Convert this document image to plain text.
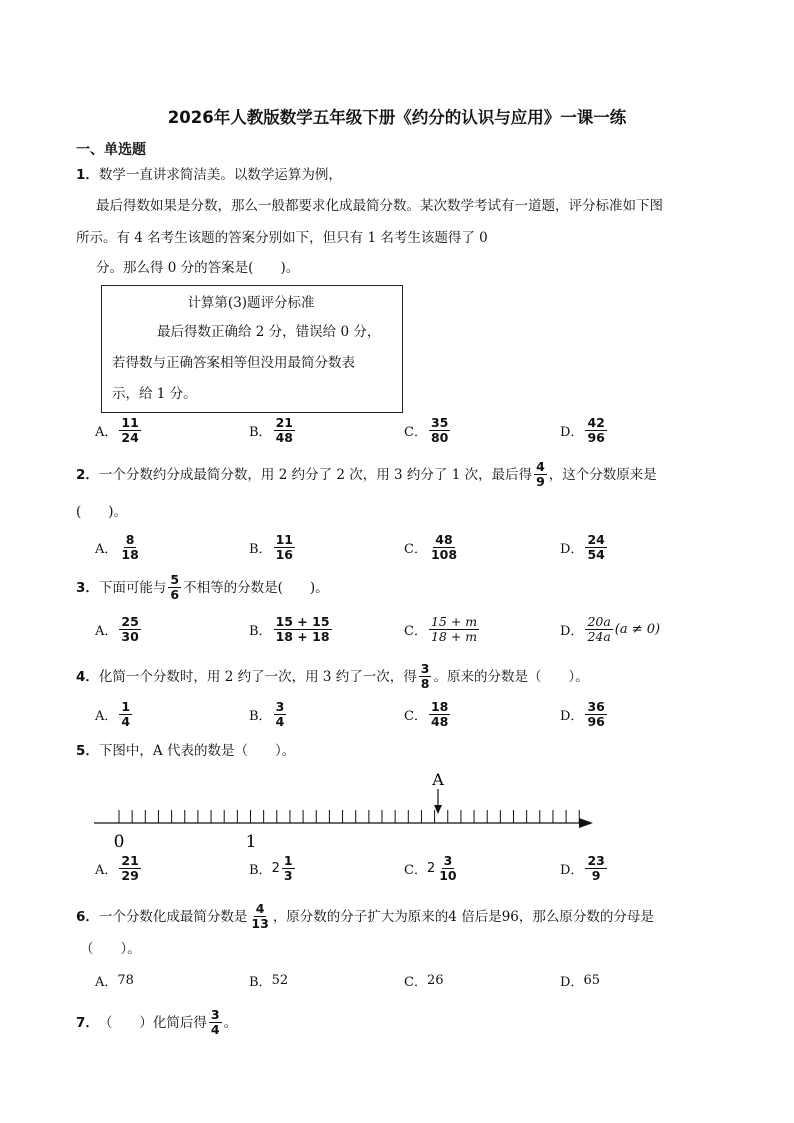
2026年人教版数学五年级下册《约分的认识与应用》一课一练
一、单选题
1．数学一直讲求简洁美。以数学运算为例，
最后得数如果是分数，那么一般都要求化成最简分数。某次数学考试有一道题，评分标准如下图
所示。有 4 名考生该题的答案分别如下，但只有 1 名考生该题得了 0
分。那么得 0 分的答案是(　　)。
计算第(3)题评分标准
最后得数正确给 2 分，错误给 0 分，
若得数与正确答案相等但没用最简分数表
示，给 1 分。
A． $\frac{11}{24}$	B． $\frac{21}{48}$	C． $\frac{35}{80}$	D． $\frac{42}{96}$
2． 一个分数约分成最简分数，用 2 约分了 2 次，用 3 约分了 1 次，最后得 $\frac{4}{9}$ ，这个分数原来是
(　　)。
A． $\frac{8}{18}$	B． $\frac{11}{16}$	C． $\frac{48}{108}$	D． $\frac{24}{54}$
3． 下面可能与 $\frac{5}{6}$ 不相等的分数是(　　)。
A． $\frac{25}{30}$	B． $\frac{15 + 15}{18 + 18}$	C． $\frac{15 + m}{18 + m}$	D． $\frac{20a}{24a} (a \ne 0)$
4． 化简一个分数时，用 2 约了一次，用 3 约了一次，得 $\frac{3}{8}$ 。原来的分数是（　　）。
A． $\frac{1}{4}$	B． $\frac{3}{4}$	C． $\frac{18}{48}$	D． $\frac{36}{96}$
5．下图中，A 代表的数是（　　）。
0	1
A
A． $\frac{21}{29}$	B． $2 \frac{1}{3}$	C． $2 \frac{3}{10}$	D． $\frac{23}{9}$
6． 一个分数化成最简分数是 $\frac{4}{13}$ ，原分数的分子扩大为原来的4 倍后是96，那么原分数的分母是
（　　）。
A． 78	B． 52	C． 26	D． 65
7． （　　）化简后得 $\frac{3}{4}$ 。
